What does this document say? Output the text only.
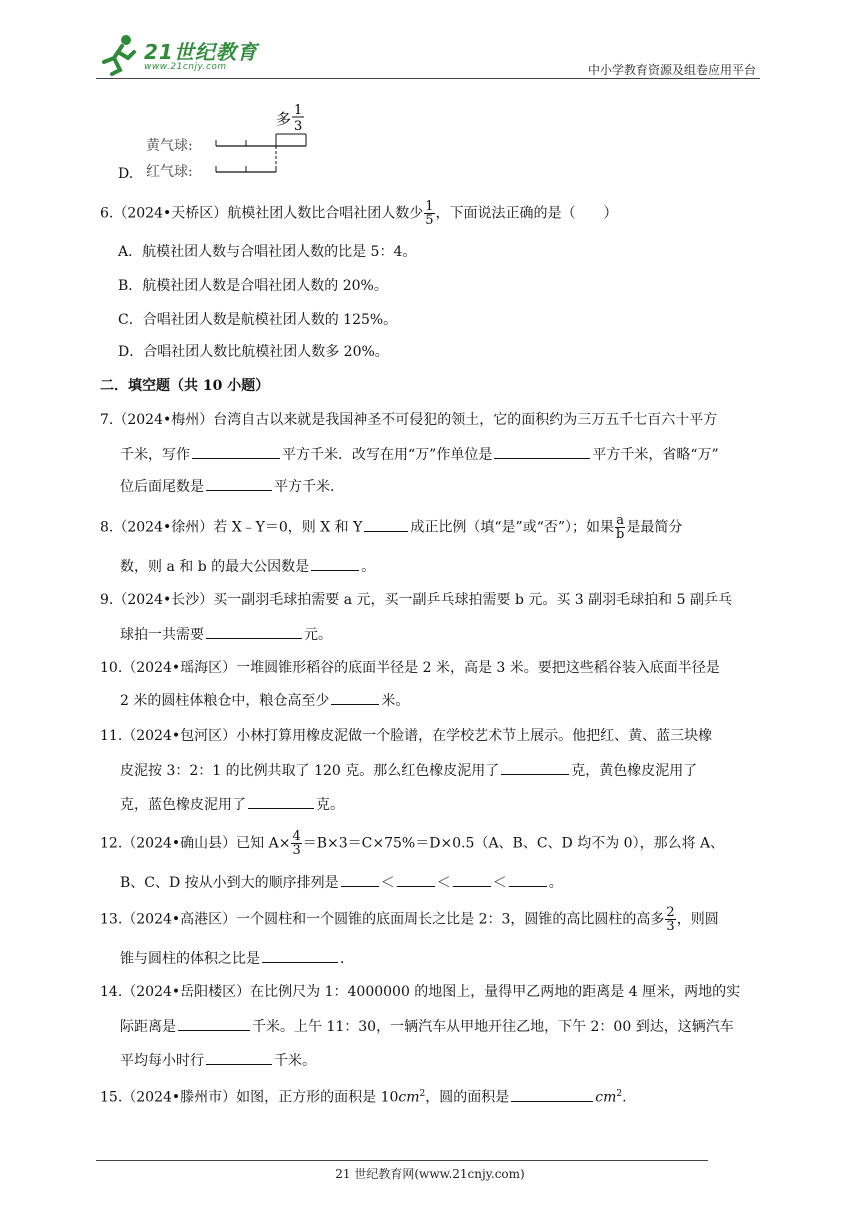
21世纪教育
www.21cnjy.com	中小学教育资源及组卷应用平台
D.
多 1
3
黄气球:
红气球:
6.（2024•天桥区）航模社团人数比合唱社团人数少 $\frac{1}{5}$ ，下面说法正确的是（　　）
A．航模社团人数与合唱社团人数的比是 5：4。
B．航模社团人数是合唱社团人数的 20%。
C．合唱社团人数是航模社团人数的 125%。
D．合唱社团人数比航模社团人数多 20%。
二．填空题（共 10 小题）
7.（2024•梅州）台湾自古以来就是我国神圣不可侵犯的领土，它的面积约为三万五千七百六十平方
千米，写作	平方千米．改写在用“万”作单位是	平方千米，省略“万”
位后面尾数是	平方千米．
8.（2024•徐州）若 X﹣Y＝0，则 X 和 Y	成正比例（填“是”或“否”）；如果 $\frac{a}{b}$ 是最简分
数，则 a 和 b 的最大公因数是	。
9.（2024•长沙）买一副羽毛球拍需要 a 元，买一副乒乓球拍需要 b 元。买 3 副羽毛球拍和 5 副乒乓
球拍一共需要	元。
10.（2024•瑶海区）一堆圆锥形稻谷的底面半径是 2 米，高是 3 米。要把这些稻谷装入底面半径是
2 米的圆柱体粮仓中，粮仓高至少	米。
11.（2024•包河区）小林打算用橡皮泥做一个脸谱，在学校艺术节上展示。他把红、黄、蓝三块橡
皮泥按 3：2：1 的比例共取了 120 克。那么红色橡皮泥用了	克，黄色橡皮泥用了
克，蓝色橡皮泥用了	克。
12.（2024•确山县）已知 $A\times \frac{4}{3} =B\times 3=C\times 75\%=D\times 0.5(A$、B、C、D 均不为 0），那么将 A、
B、C、D 按从小到大的顺序排列是	＜	＜	＜	。
13.（2024•高港区）一个圆柱和一个圆锥的底面周长之比是 2：3，圆锥的高比圆柱的高多 $\frac{2}{3}$ ，则圆
锥与圆柱的体积之比是	．
14.（2024•岳阳楼区）在比例尺为 1：4000000 的地图上，量得甲乙两地的距离是 4 厘米，两地的实
际距离是	千米。上午 11：30，一辆汽车从甲地开往乙地，下午 2：00 到达，这辆汽车
平均每小时行	千米。
15.（2024•滕州市）如图，正方形的面积是 $10cm^2$，圆的面积是	$cm^2$.
21 世纪教育网(www.21cnjy.com)
